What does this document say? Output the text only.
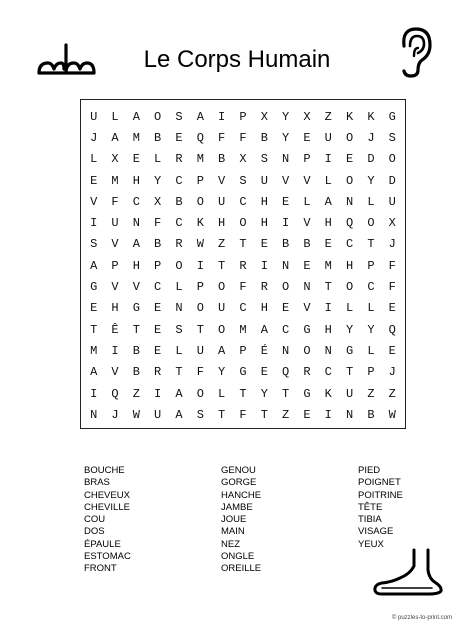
Le Corps Humain
U	L	A	O	S	A	I	P	X	Y	X	Z	K	K	G
J	A	M	B	E	Q	F	F	B	Y	E	U	O	J	S
L	X	E	L	R	M	B	X	S	N	P	I	E	D	O
E	M	H	Y	C	P	V	S	U	V	V	L	O	Y	D
V	F	C	X	B	O	U	C	H	E	L	A	N	L	U
I	U	N	F	C	K	H	O	H	I	V	H	Q	O	X
S	V	A	B	R	W	Z	T	E	B	B	E	C	T	J
A	P	H	P	O	I	T	R	I	N	E	M	H	P	F
G	V	V	C	L	P	O	F	R	O	N	T	O	C	F
E	H	G	E	N	O	U	C	H	E	V	I	L	L	E
T	Ê	T	E	S	T	O	M	A	C	G	H	Y	Y	Q
M	I	B	E	L	U	A	P	É	N	O	N	G	L	E
A	V	B	R	T	F	Y	G	E	Q	R	C	T	P	J
I	Q	Z	I	A	O	L	T	Y	T	G	K	U	Z	Z
N	J	W	U	A	S	T	F	T	Z	E	I	N	B	W
BOUCHE
BRAS
CHEVEUX
CHEVILLE
COU
DOS
ÉPAULE
ESTOMAC
FRONT
GENOU
GORGE
HANCHE
JAMBE
JOUE
MAIN
NEZ
ONGLE
OREILLE
PIED
POIGNET
POITRINE
TÊTE
TIBIA
VISAGE
YEUX
© puzzles-to-print.com
